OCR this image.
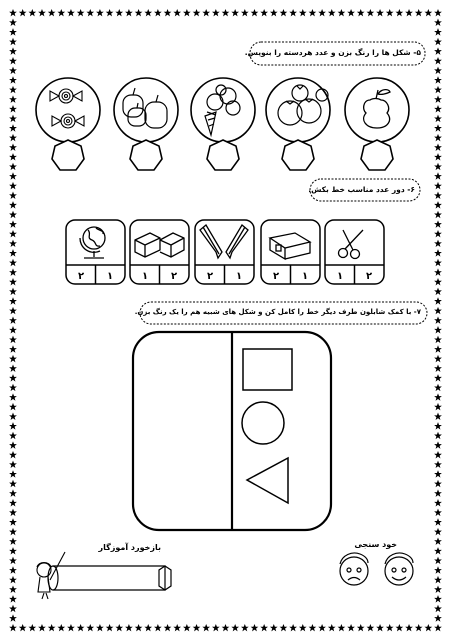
۱ ۲
۲ ۱
۲ ۱
۱ ۲
۲ ۱
۵- شکل ها را رنگ بزن و عدد هردسته را بنویس.
۶- دور عدد مناسب خط بکش.
۷- با کمک شابلون طرف دیگر خط را کامل کن و شکل های شبیه هم را یک رنگ بزن.
بازخورد آموزگار	خود سنجی
